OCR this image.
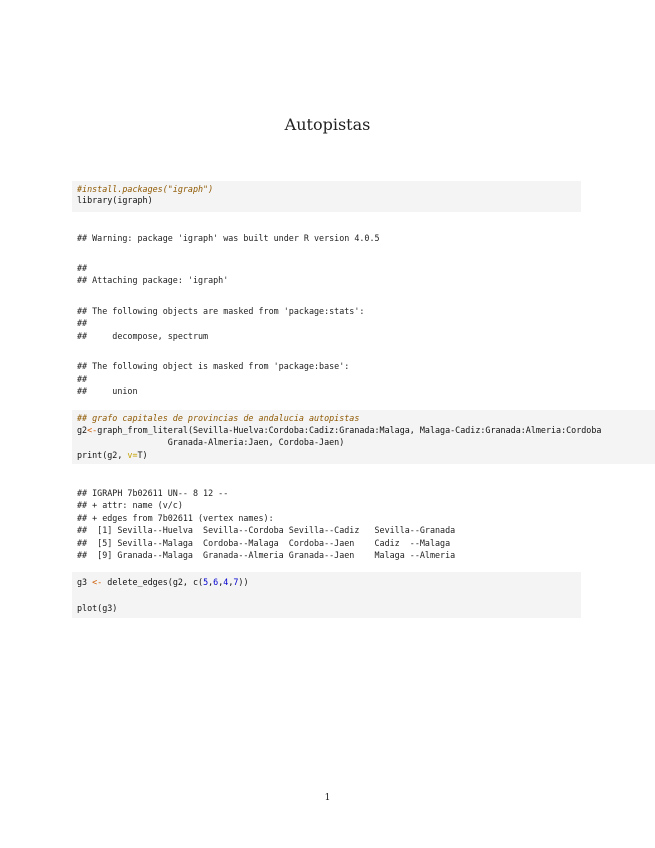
Autopistas
#install.packages("igraph")
library(igraph)
## Warning: package 'igraph' was built under R version 4.0.5
##
## Attaching package: 'igraph'
## The following objects are masked from 'package:stats':
##
##     decompose, spectrum
## The following object is masked from 'package:base':
##
##     union
## grafo capitales de provincias de andalucia autopistas
g2<-graph_from_literal(Sevilla-Huelva:Cordoba:Cadiz:Granada:Malaga, Malaga-Cadiz:Granada:Almeria:Cordoba
Granada-Almeria:Jaen, Cordoba-Jaen)
print(g2, v=T)
## IGRAPH 7b02611 UN-- 8 12 --
## + attr: name (v/c)
## + edges from 7b02611 (vertex names):
##  [1] Sevilla--Huelva  Sevilla--Cordoba Sevilla--Cadiz   Sevilla--Granada
##  [5] Sevilla--Malaga  Cordoba--Malaga  Cordoba--Jaen    Cadiz  --Malaga
##  [9] Granada--Malaga  Granada--Almeria Granada--Jaen    Malaga --Almeria
g3 <- delete_edges(g2, c(5,6,4,7))
plot(g3)
1
